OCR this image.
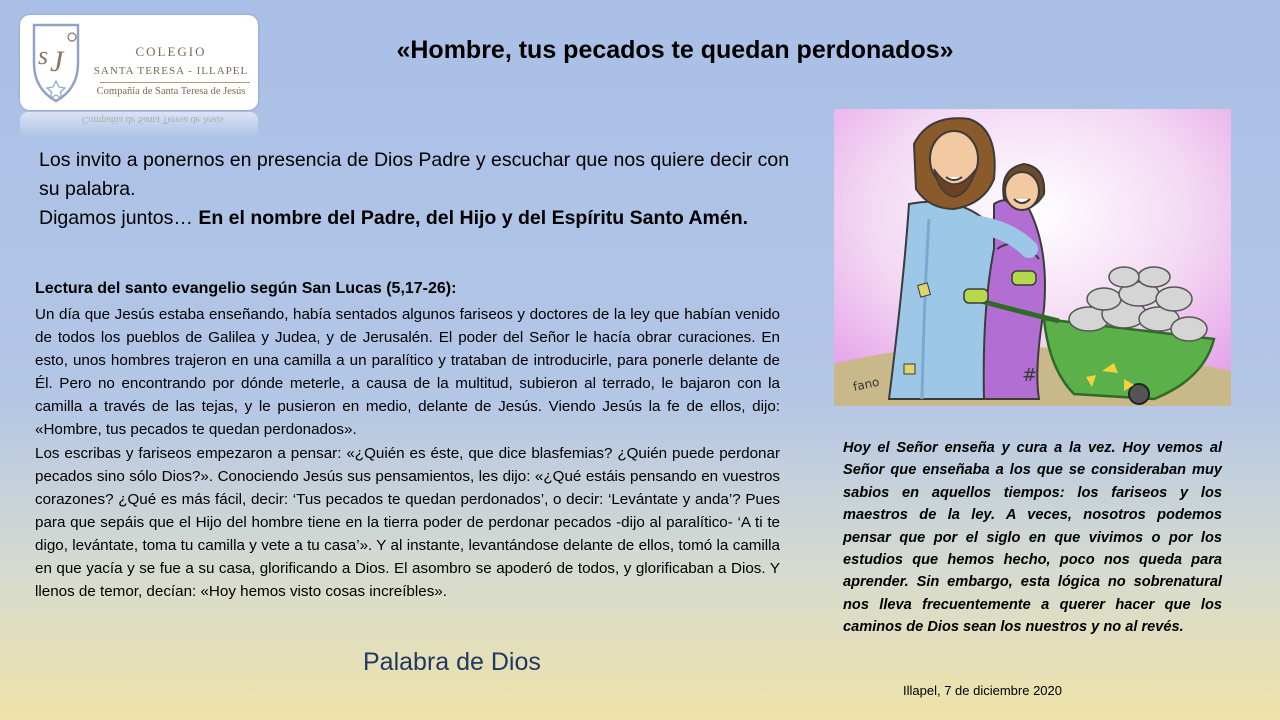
s J	COLEGIO
SANTA TERESA - ILLAPEL
Compañia de Santa Teresa de Jesús
Compañia de Santa Teresa de Jesús
«Hombre, tus pecados te quedan perdonados»
Los invito a ponernos en presencia de Dios Padre y escuchar que nos quiere decir con su palabra.
Digamos juntos… En el nombre del Padre, del Hijo y del Espíritu Santo Amén.
Lectura del santo evangelio según San Lucas (5,17-26):

Un día que Jesús estaba enseñando, había sentados algunos fariseos y doctores de la ley que habían venido de todos los pueblos de Galilea y Judea, y de Jerusalén. El poder del Señor le hacía obrar curaciones. En esto, unos hombres trajeron en una camilla a un paralítico y trataban de introducirle, para ponerle delante de Él. Pero no encontrando por dónde meterle, a causa de la multitud, subieron al terrado, le bajaron con la camilla a través de las tejas, y le pusieron en medio, delante de Jesús. Viendo Jesús la fe de ellos, dijo: «Hombre, tus pecados te quedan perdonados».

Los escribas y fariseos empezaron a pensar: «¿Quién es éste, que dice blasfemias? ¿Quién puede perdonar pecados sino sólo Dios?». Conociendo Jesús sus pensamientos, les dijo: «¿Qué estáis pensando en vuestros corazones? ¿Qué es más fácil, decir: ‘Tus pecados te quedan perdonados’, o decir: ‘Levántate y anda’? Pues para que sepáis que el Hijo del hombre tiene en la tierra poder de perdonar pecados -dijo al paralítico- ‘A ti te digo, levántate, toma tu camilla y vete a tu casa’». Y al instante, levantándose delante de ellos, tomó la camilla en que yacía y se fue a su casa, glorificando a Dios. El asombro se apoderó de todos, y glorificaban a Dios. Y llenos de temor, decían: «Hoy hemos visto cosas increíbles».

Palabra de Dios
#
fano
Hoy el Señor enseña y cura a la vez. Hoy vemos al Señor que enseñaba a los que se consideraban muy sabios en aquellos tiempos: los fariseos y los maestros de la ley. A veces, nosotros podemos pensar que por el siglo en que vivimos o por los estudios que hemos hecho, poco nos queda para aprender. Sin embargo, esta lógica no sobrenatural nos lleva frecuentemente a querer hacer que los caminos de Dios sean los nuestros y no al revés.
Illapel, 7 de diciembre 2020
